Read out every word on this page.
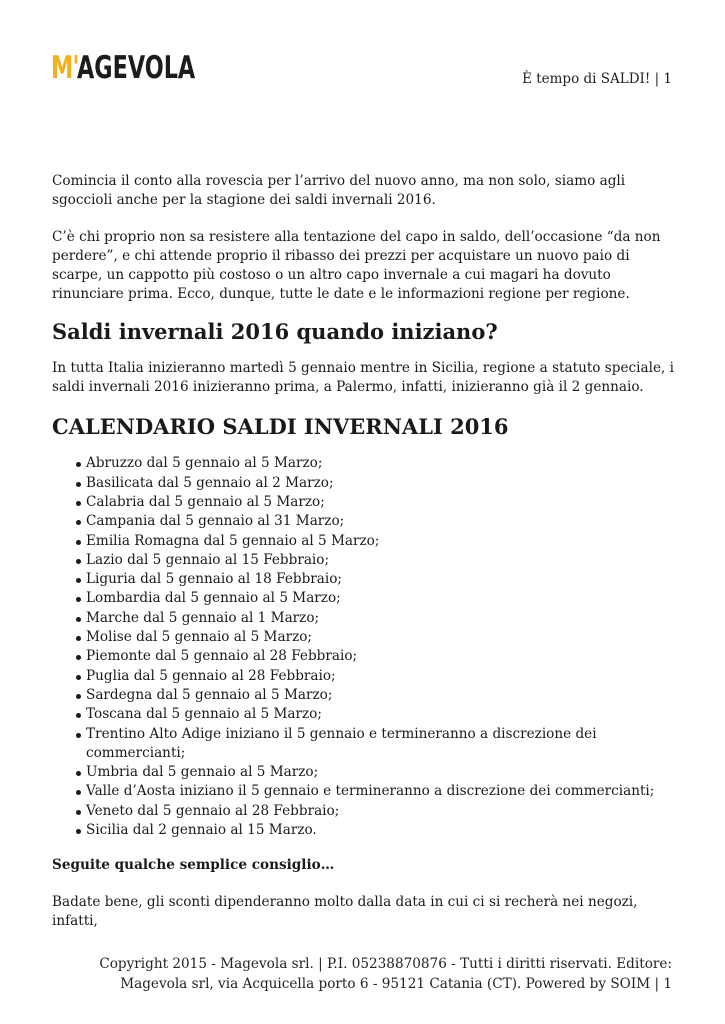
M'
AGEVOLA	È tempo di SALDI! | 1

Comincia il conto alla rovescia per l’arrivo del nuovo anno, ma non solo, siamo agli sgoccioli anche per la stagione dei saldi invernali 2016.

C’è chi proprio non sa resistere alla tentazione del capo in saldo, dell’occasione “da non perdere”, e chi attende proprio il ribasso dei prezzi per acquistare un nuovo paio di scarpe, un cappotto più costoso o un altro capo invernale a cui magari ha dovuto rinunciare prima. Ecco, dunque, tutte le date e le informazioni regione per regione.

Saldi invernali 2016 quando iniziano?

In tutta Italia inizieranno martedì 5 gennaio mentre in Sicilia, regione a statuto speciale, i saldi invernali 2016 inizieranno prima, a Palermo, infatti, inizieranno già il 2 gennaio.

CALENDARIO SALDI INVERNALI 2016
Abruzzo dal 5 gennaio al 5 Marzo;
Basilicata dal 5 gennaio al 2 Marzo;
Calabria dal 5 gennaio al 5 Marzo;
Campania dal 5 gennaio al 31 Marzo;
Emilia Romagna dal 5 gennaio al 5 Marzo;
Lazio dal 5 gennaio al 15 Febbraio;
Liguria dal 5 gennaio al 18 Febbraio;
Lombardia dal 5 gennaio al 5 Marzo;
Marche dal 5 gennaio al 1 Marzo;
Molise dal 5 gennaio al 5 Marzo;
Piemonte dal 5 gennaio al 28 Febbraio;
Puglia dal 5 gennaio al 28 Febbraio;
Sardegna dal 5 gennaio al 5 Marzo;
Toscana dal 5 gennaio al 5 Marzo;
Trentino Alto Adige iniziano il 5 gennaio e termineranno a discrezione dei commercianti;
Umbria dal 5 gennaio al 5 Marzo;
Valle d’Aosta iniziano il 5 gennaio e termineranno a discrezione dei commercianti;
Veneto dal 5 gennaio al 28 Febbraio;
Sicilia dal 2 gennaio al 15 Marzo.

Seguite qualche semplice consiglio…

Badate bene, gli sconti dipenderanno molto dalla data in cui ci si recherà nei negozi, infatti,

Copyright 2015 - Magevola srl. | P.I. 05238870876 - Tutti i diritti riservati. Editore:
Magevola srl, via Acquicella porto 6 - 95121 Catania (CT). Powered by SOIM | 1
